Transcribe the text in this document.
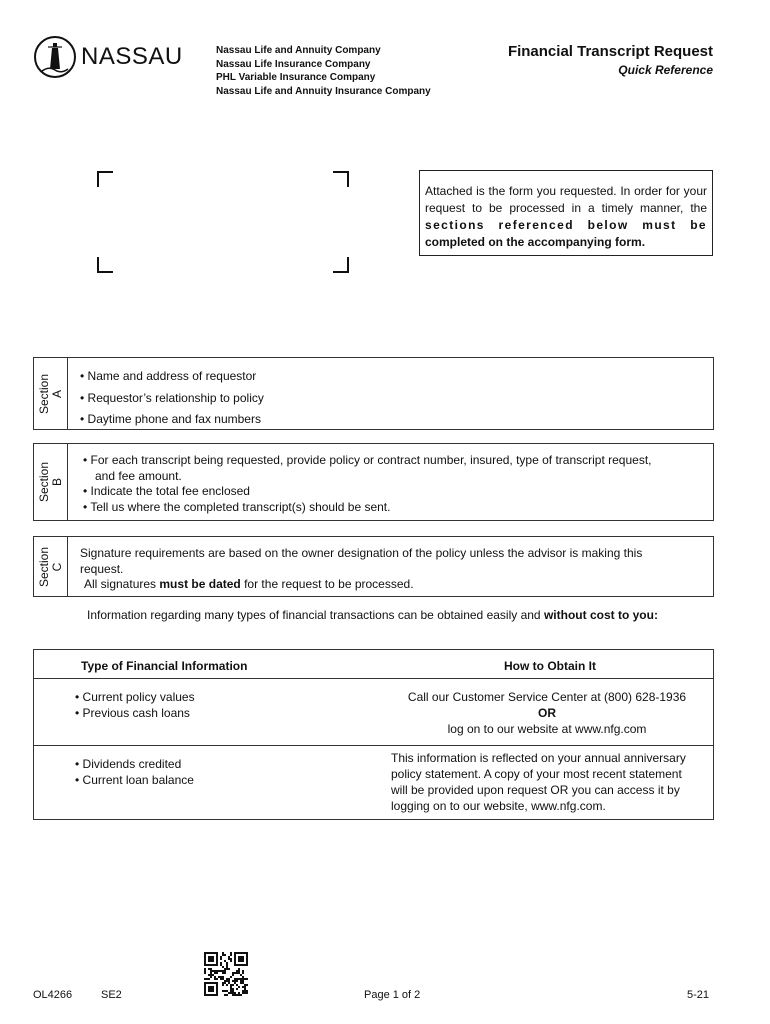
NASSAU	Nassau Life and Annuity Company
Nassau Life Insurance Company
PHL Variable Insurance Company
Nassau Life and Annuity Insurance Company
Financial Transcript Request
Quick Reference
Attached is the form you requested. In order for your request to be processed in a timely manner, the sections referenced below must be completed on the accompanying form.
Section A
• Name and address of requestor
• Requestor’s relationship to policy
• Daytime phone and fax numbers
Section B
• For each transcript being requested, provide policy or contract number, insured, type of transcript request,
and fee amount.
• Indicate the total fee enclosed
• Tell us where the completed transcript(s) should be sent.
Section C
Signature requirements are based on the owner designation of the policy unless the advisor is making this
request.
All signatures must be dated for the request to be processed.
Information regarding many types of financial transactions can be obtained easily and without cost to you:
Type of Financial Information	How to Obtain It
• Current policy values
• Previous cash loans
Call our Customer Service Center at (800) 628-1936
OR
log on to our website at www.nfg.com
• Dividends credited
• Current loan balance
This information is reflected on your annual anniversary
policy statement. A copy of your most recent statement
will be provided upon request OR you can access it by
logging on to our website, www.nfg.com.
OL4266	SE2	Page 1 of 2	5-21
